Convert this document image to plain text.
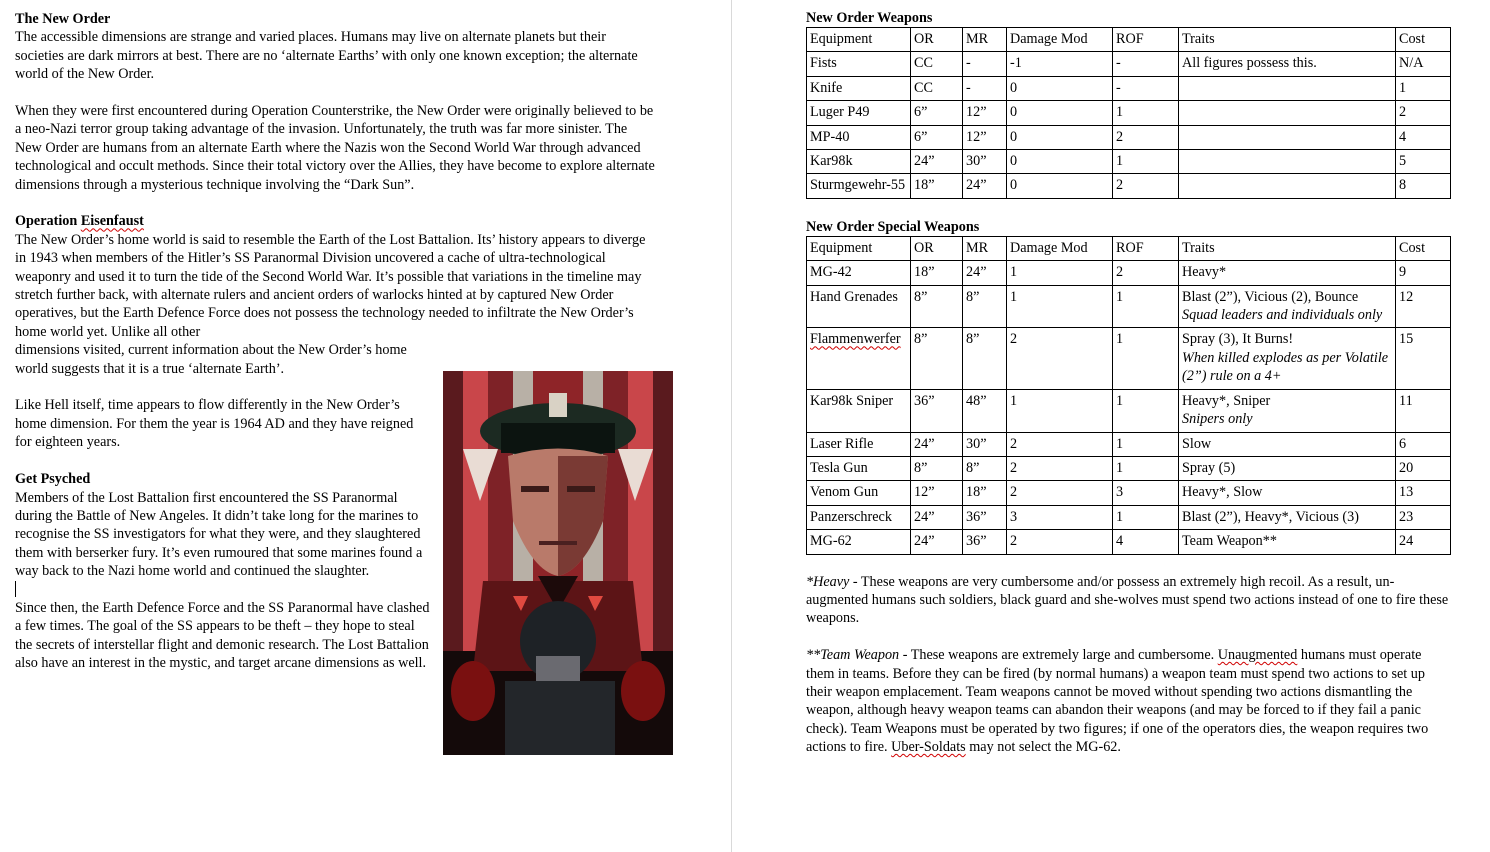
The New Order

The accessible dimensions are strange and varied places. Humans may live on alternate planets but their societies are dark mirrors at best. There are no ‘alternate Earths’ with only one known exception; the alternate world of the New Order.

When they were first encountered during Operation Counterstrike, the New Order were originally believed to be a neo-Nazi terror group taking advantage of the invasion. Unfortunately, the truth was far more sinister. The New Order are humans from an alternate Earth where the Nazis won the Second World War through advanced technological and occult methods. Since their total victory over the Allies, they have become to explore alternate dimensions through a mysterious technique involving the “Dark Sun”.

Operation Eisenfaust
The New Order’s home world is said to resemble the Earth of the Lost Battalion. Its’ history appears to diverge in 1943 when members of the Hitler’s SS Paranormal Division uncovered a cache of ultra-technological weaponry and used it to turn the tide of the Second World War. It’s possible that variations in the timeline may stretch further back, with alternate rulers and ancient orders of warlocks hinted at by captured New Order operatives, but the Earth Defence Force does not possess the technology needed to infiltrate the New Order’s home world yet. Unlike all other

dimensions visited, current information about the New Order’s home world suggests that it is a true ‘alternate Earth’.

Like Hell itself, time appears to flow differently in the New Order’s home dimension. For them the year is 1964 AD and they have reigned for eighteen years.

Get Psyched
Members of the Lost Battalion first encountered the SS Paranormal during the Battle of New Angeles. It didn’t take long for the marines to recognise the SS investigators for what they were, and they slaughtered them with berserker fury. It’s even rumoured that some marines found a way back to the Nazi home world and continued the slaughter.

Since then, the Earth Defence Force and the SS Paranormal have clashed a few times. The goal of the SS appears to be theft – they hope to steal the secrets of interstellar flight and demonic research. The Lost Battalion also have an interest in the mystic, and target arcane dimensions as well.

New Order Weapons
Equipment	OR	MR	Damage Mod	ROF	Traits	Cost
Fists	CC	-	-1	-	All figures possess this.	N/A
Knife	CC	-	0	-		1
Luger P49	6”	12”	0	1		2
MP-40	6”	12”	0	2		4
Kar98k	24”	30”	0	1		5
Sturmgewehr-55	18”	24”	0	2		8
New Order Special Weapons
Equipment	OR	MR	Damage Mod	ROF	Traits	Cost
MG-42	18”	24”	1	2	Heavy*	9
Hand Grenades	8”	8”	1	1	Blast (2”), Vicious (2), Bounce
Squad leaders and individuals only	12
Flammenwerfer	8”	8”	2	1	Spray (3), It Burns!
When killed explodes as per Volatile (2”) rule on a 4+	15
Kar98k Sniper	36”	48”	1	1	Heavy*, Sniper
Snipers only	11
Laser Rifle	24”	30”	2	1	Slow	6
Tesla Gun	8”	8”	2	1	Spray (5)	20
Venom Gun	12”	18”	2	3	Heavy*, Slow	13
Panzerschreck	24”	36”	3	1	Blast (2”), Heavy*, Vicious (3)	23
MG-62	24”	36”	2	4	Team Weapon**	24

*Heavy - These weapons are very cumbersome and/or possess an extremely high recoil. As a result, un-augmented humans such soldiers, black guard and she-wolves must spend two actions instead of one to fire these weapons.

**Team Weapon - These weapons are extremely large and cumbersome. Unaugmented humans must operate them in teams. Before they can be fired (by normal humans) a weapon team must spend two actions to set up their weapon emplacement. Team weapons cannot be moved without spending two actions dismantling the weapon, although heavy weapon teams can abandon their weapons (and may be forced to if they fail a panic check). Team Weapons must be operated by two figures; if one of the operators dies, the weapon requires two actions to fire. Uber-Soldats may not select the MG-62.
